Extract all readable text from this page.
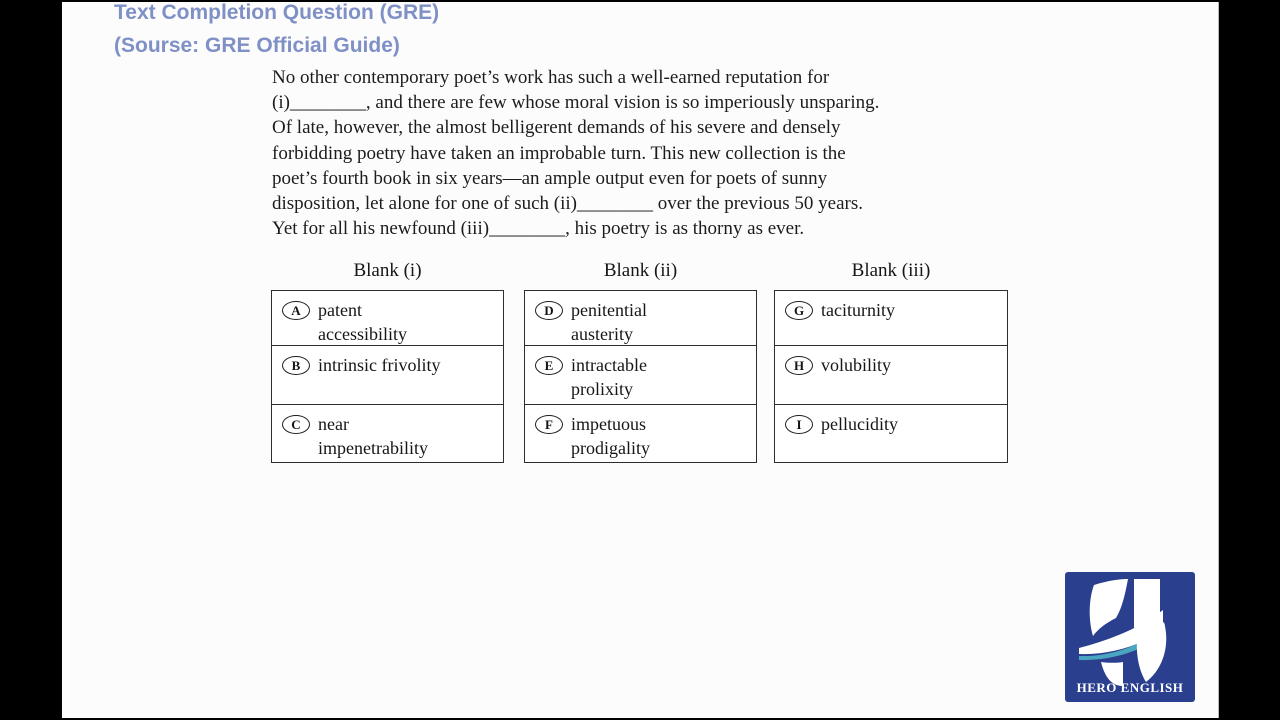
Text Completion Question (GRE)
(Sourse: GRE Official Guide)
No other contemporary poet’s work has such a well-earned reputation for
(i)________, and there are few whose moral vision is so imperiously unsparing.
Of late, however, the almost belligerent demands of his severe and densely
forbidding poetry have taken an improbable turn. This new collection is the
poet’s fourth book in six years—an ample output even for poets of sunny
disposition, let alone for one of such (ii)________ over the previous 50 years.
Yet for all his newfound (iii)________, his poetry is as thorny as ever.
Blank (i)
A patent
accessibility
B intrinsic frivolity
C near
impenetrability
Blank (ii)
D penitential
austerity
E intractable
prolixity
F impetuous
prodigality
Blank (iii)
G taciturnity
H volubility
I pellucidity
HERO ENGLISH
